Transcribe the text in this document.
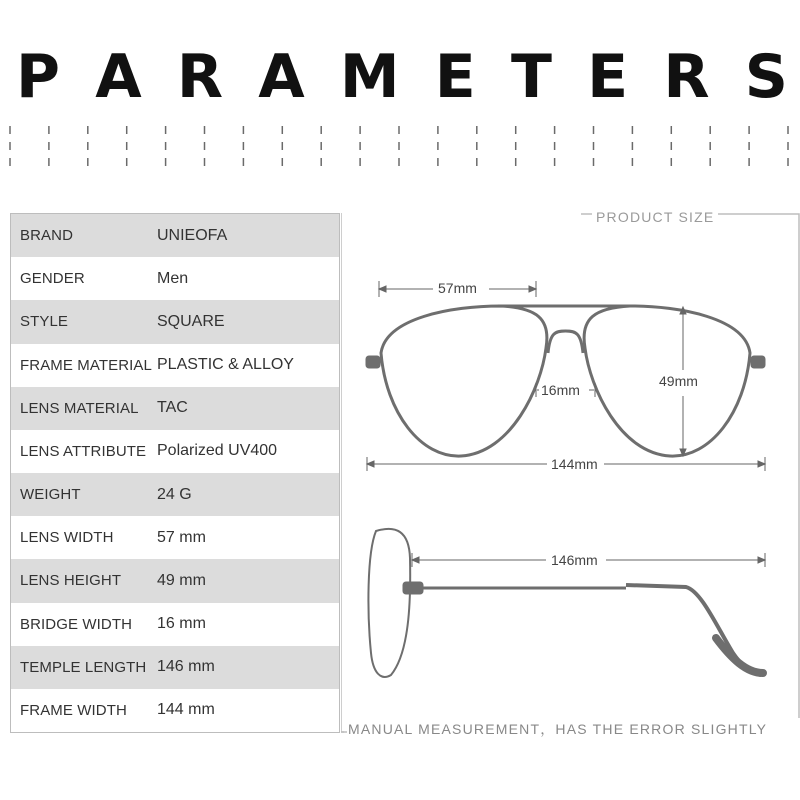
P A R A M E T E R S
BRAND	UNIEOFA
GENDER	Men
STYLE	SQUARE
FRAME MATERIAL PLASTIC & ALLOY
LENS MATERIAL	TAC
LENS ATTRIBUTE Polarized UV400
WEIGHT	24 G
LENS WIDTH	57 mm
LENS HEIGHT	49 mm
BRIDGE WIDTH	16 mm
TEMPLE LENGTH 146 mm
FRAME WIDTH	144 mm
57mm
49mm
16mm
144mm
146mm
PRODUCT SIZE
MANUAL MEASUREMENT，HAS THE ERROR SLIGHTLY
